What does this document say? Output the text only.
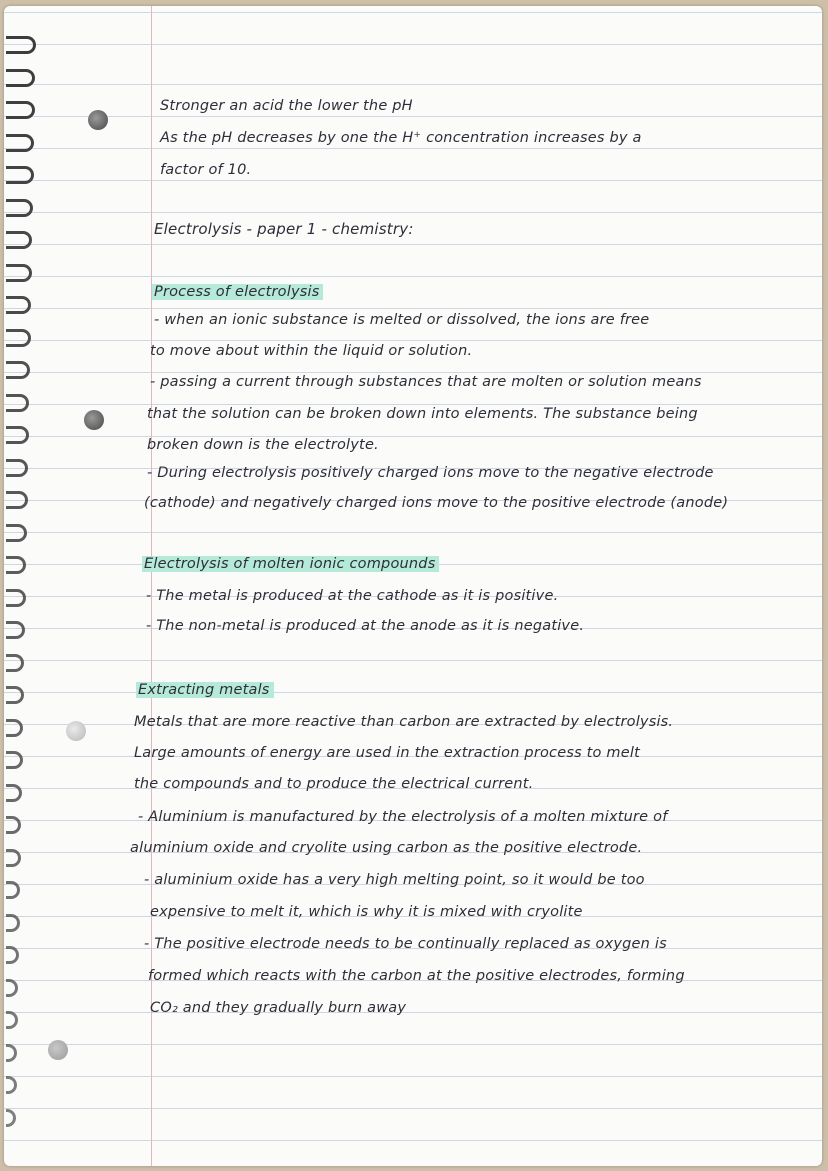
Stronger an acid the lower the pH
As the pH decreases by one the H⁺ concentration increases by a
factor of 10.
Electrolysis - paper 1 - chemistry:
Process of electrolysis
- when an ionic substance is melted or dissolved, the ions are free
to move about within the liquid or solution.
- passing a current through substances that are molten or solution means
that the solution can be broken down into elements. The substance being
broken down is the electrolyte.
- During electrolysis positively charged ions move to the negative electrode
(cathode) and negatively charged ions move to the positive electrode (anode)
Electrolysis of molten ionic compounds
- The metal is produced at the cathode as it is positive.
- The non-metal is produced at the anode as it is negative.
Extracting metals
Metals that are more reactive than carbon are extracted by electrolysis.
Large amounts of energy are used in the extraction process to melt
the compounds and to produce the electrical current.
- Aluminium is manufactured by the electrolysis of a molten mixture of
aluminium oxide and cryolite using carbon as the positive electrode.
- aluminium oxide has a very high melting point, so it would be too
expensive to melt it, which is why it is mixed with cryolite
- The positive electrode needs to be continually replaced as oxygen is
formed which reacts with the carbon at the positive electrodes, forming
CO₂ and they gradually burn away
